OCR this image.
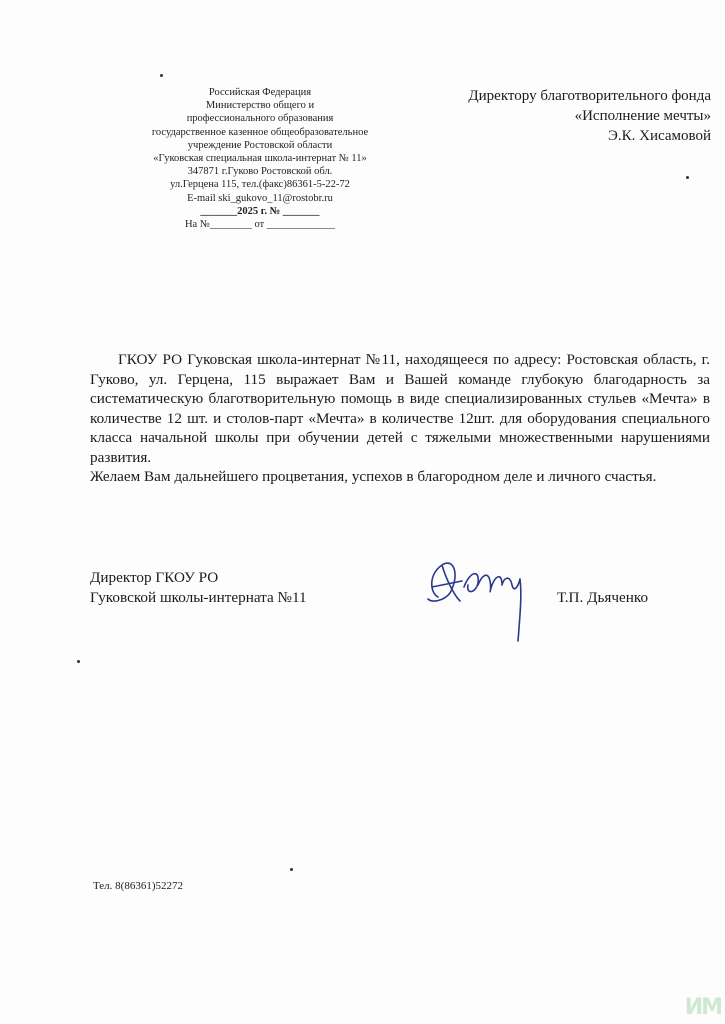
Российская Федерация
Министерство общего и
профессионального образования
государственное казенное общеобразовательное
учреждение Ростовской области
«Гуковская специальная школа-интернат № 11»
347871 г.Гуково Ростовской обл.
ул.Герцена 115, тел.(факс)86361-5-22-72
E-mail ski_gukovo_11@rostobr.ru
_______2025 г. № _______
На №________ от _____________
Директору благотворительного фонда
«Исполнение мечты»
Э.К. Хисамовой

ГКОУ РО Гуковская школа-интернат №11, находящееся по адресу: Ростовская область, г. Гуково, ул. Герцена, 115 выражает Вам и Вашей команде глубокую благодарность за систематическую благотворительную помощь в виде специализированных стульев «Мечта» в количестве 12 шт. и столов-парт «Мечта» в количестве 12шт. для оборудования специального класса начальной школы при обучении детей с тяжелыми множественными нарушениями развития.

Желаем Вам дальнейшего процветания, успехов в благородном деле и личного счастья.

Директор ГКОУ РО
Гуковской школы-интерната №11	Т.П. Дьяченко
Тел. 8(86361)52272
ИМ
